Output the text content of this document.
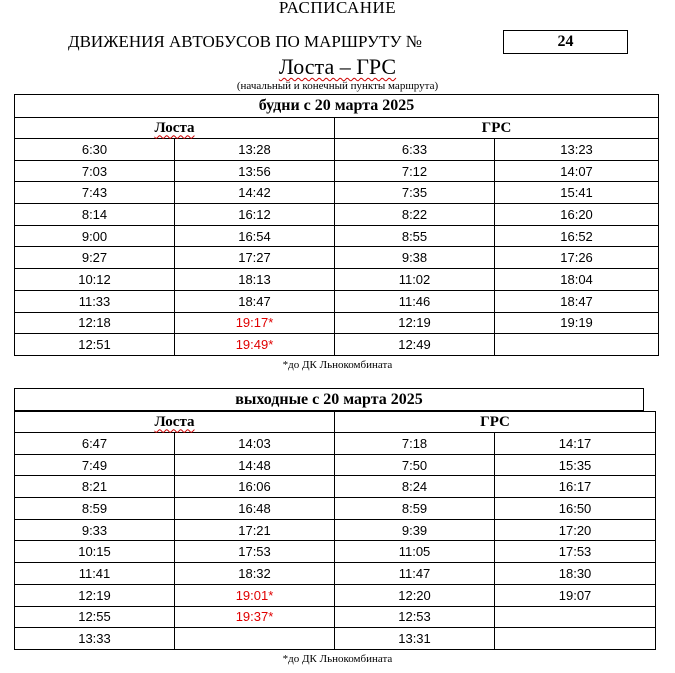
РАСПИСАНИЕ
ДВИЖЕНИЯ АВТОБУСОВ ПО МАРШРУТУ №	24
Лоста – ГРС
(начальный и конечный пункты маршрута)
будни с 20 марта 2025			
Лоста		ГРС	
6:30	13:28	6:33	13:23
7:03	13:56	7:12	14:07
7:43	14:42	7:35	15:41
8:14	16:12	8:22	16:20
9:00	16:54	8:55	16:52
9:27	17:27	9:38	17:26
10:12	18:13	11:02	18:04
11:33	18:47	11:46	18:47
12:18	19:17*	12:19	19:19
12:51	19:49*	12:49	
*до ДК Льнокомбината
выходные с 20 марта 2025
Лоста		ГРС	
6:47	14:03	7:18	14:17
7:49	14:48	7:50	15:35
8:21	16:06	8:24	16:17
8:59	16:48	8:59	16:50
9:33	17:21	9:39	17:20
10:15	17:53	11:05	17:53
11:41	18:32	11:47	18:30
12:19	19:01*	12:20	19:07
12:55	19:37*	12:53	
13:33		13:31	
*до ДК Льнокомбината
